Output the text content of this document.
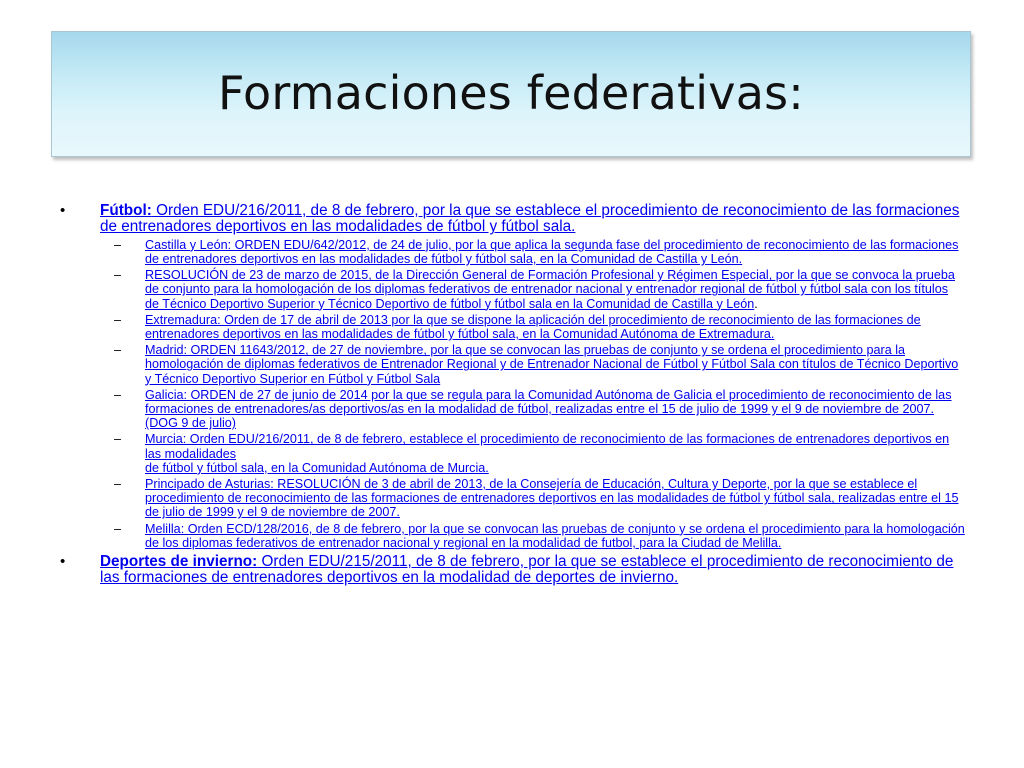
Formaciones federativas:
• Fútbol: Orden EDU/216/2011, de 8 de febrero, por la que se establece el procedimiento de reconocimiento de las formaciones de entrenadores deportivos en las modalidades de fútbol y fútbol sala.
– Castilla y León: ORDEN EDU/642/2012, de 24 de julio, por la que aplica la segunda fase del procedimiento de reconocimiento de las formaciones de entrenadores deportivos en las modalidades de fútbol y fútbol sala, en la Comunidad de Castilla y León.
– RESOLUCIÓN de 23 de marzo de 2015, de la Dirección General de Formación Profesional y Régimen Especial, por la que se convoca la prueba de conjunto para la homologación de los diplomas federativos de entrenador nacional y entrenador regional de fútbol y fútbol sala con los títulos de Técnico Deportivo Superior y Técnico Deportivo de fútbol y fútbol sala en la Comunidad de Castilla y León.
– Extremadura: Orden de 17 de abril de 2013 por la que se dispone la aplicación del procedimiento de reconocimiento de las formaciones de entrenadores deportivos en las modalidades de fútbol y fútbol sala, en la Comunidad Autónoma de Extremadura.
– Madrid: ORDEN 11643/2012, de 27 de noviembre, por la que se convocan las pruebas de conjunto y se ordena el procedimiento para la homologación de diplomas federativos de Entrenador Regional y de Entrenador Nacional de Fútbol y Fútbol Sala con títulos de Técnico Deportivo y Técnico Deportivo Superior en Fútbol y Fútbol Sala
– Galicia: ORDEN de 27 de junio de 2014 por la que se regula para la Comunidad Autónoma de Galicia el procedimiento de reconocimiento de las formaciones de entrenadores/as deportivos/as en la modalidad de fútbol, realizadas entre el 15 de julio de 1999 y el 9 de noviembre de 2007. (DOG 9 de julio)
– Murcia: Orden EDU/216/2011, de 8 de febrero, establece el procedimiento de reconocimiento de las formaciones de entrenadores deportivos en las modalidades
de fútbol y fútbol sala, en la Comunidad Autónoma de Murcia.
– Principado de Asturias: RESOLUCIÓN de 3 de abril de 2013, de la Consejería de Educación, Cultura y Deporte, por la que se establece el procedimiento de reconocimiento de las formaciones de entrenadores deportivos en las modalidades de fútbol y fútbol sala, realizadas entre el 15 de julio de 1999 y el 9 de noviembre de 2007.
– Melilla: Orden ECD/128/2016, de 8 de febrero, por la que se convocan las pruebas de conjunto y se ordena el procedimiento para la homologación de los diplomas federativos de entrenador nacional y regional en la modalidad de futbol, para la Ciudad de Melilla.
• Deportes de invierno: Orden EDU/215/2011, de 8 de febrero, por la que se establece el procedimiento de reconocimiento de las formaciones de entrenadores deportivos en la modalidad de deportes de invierno.
